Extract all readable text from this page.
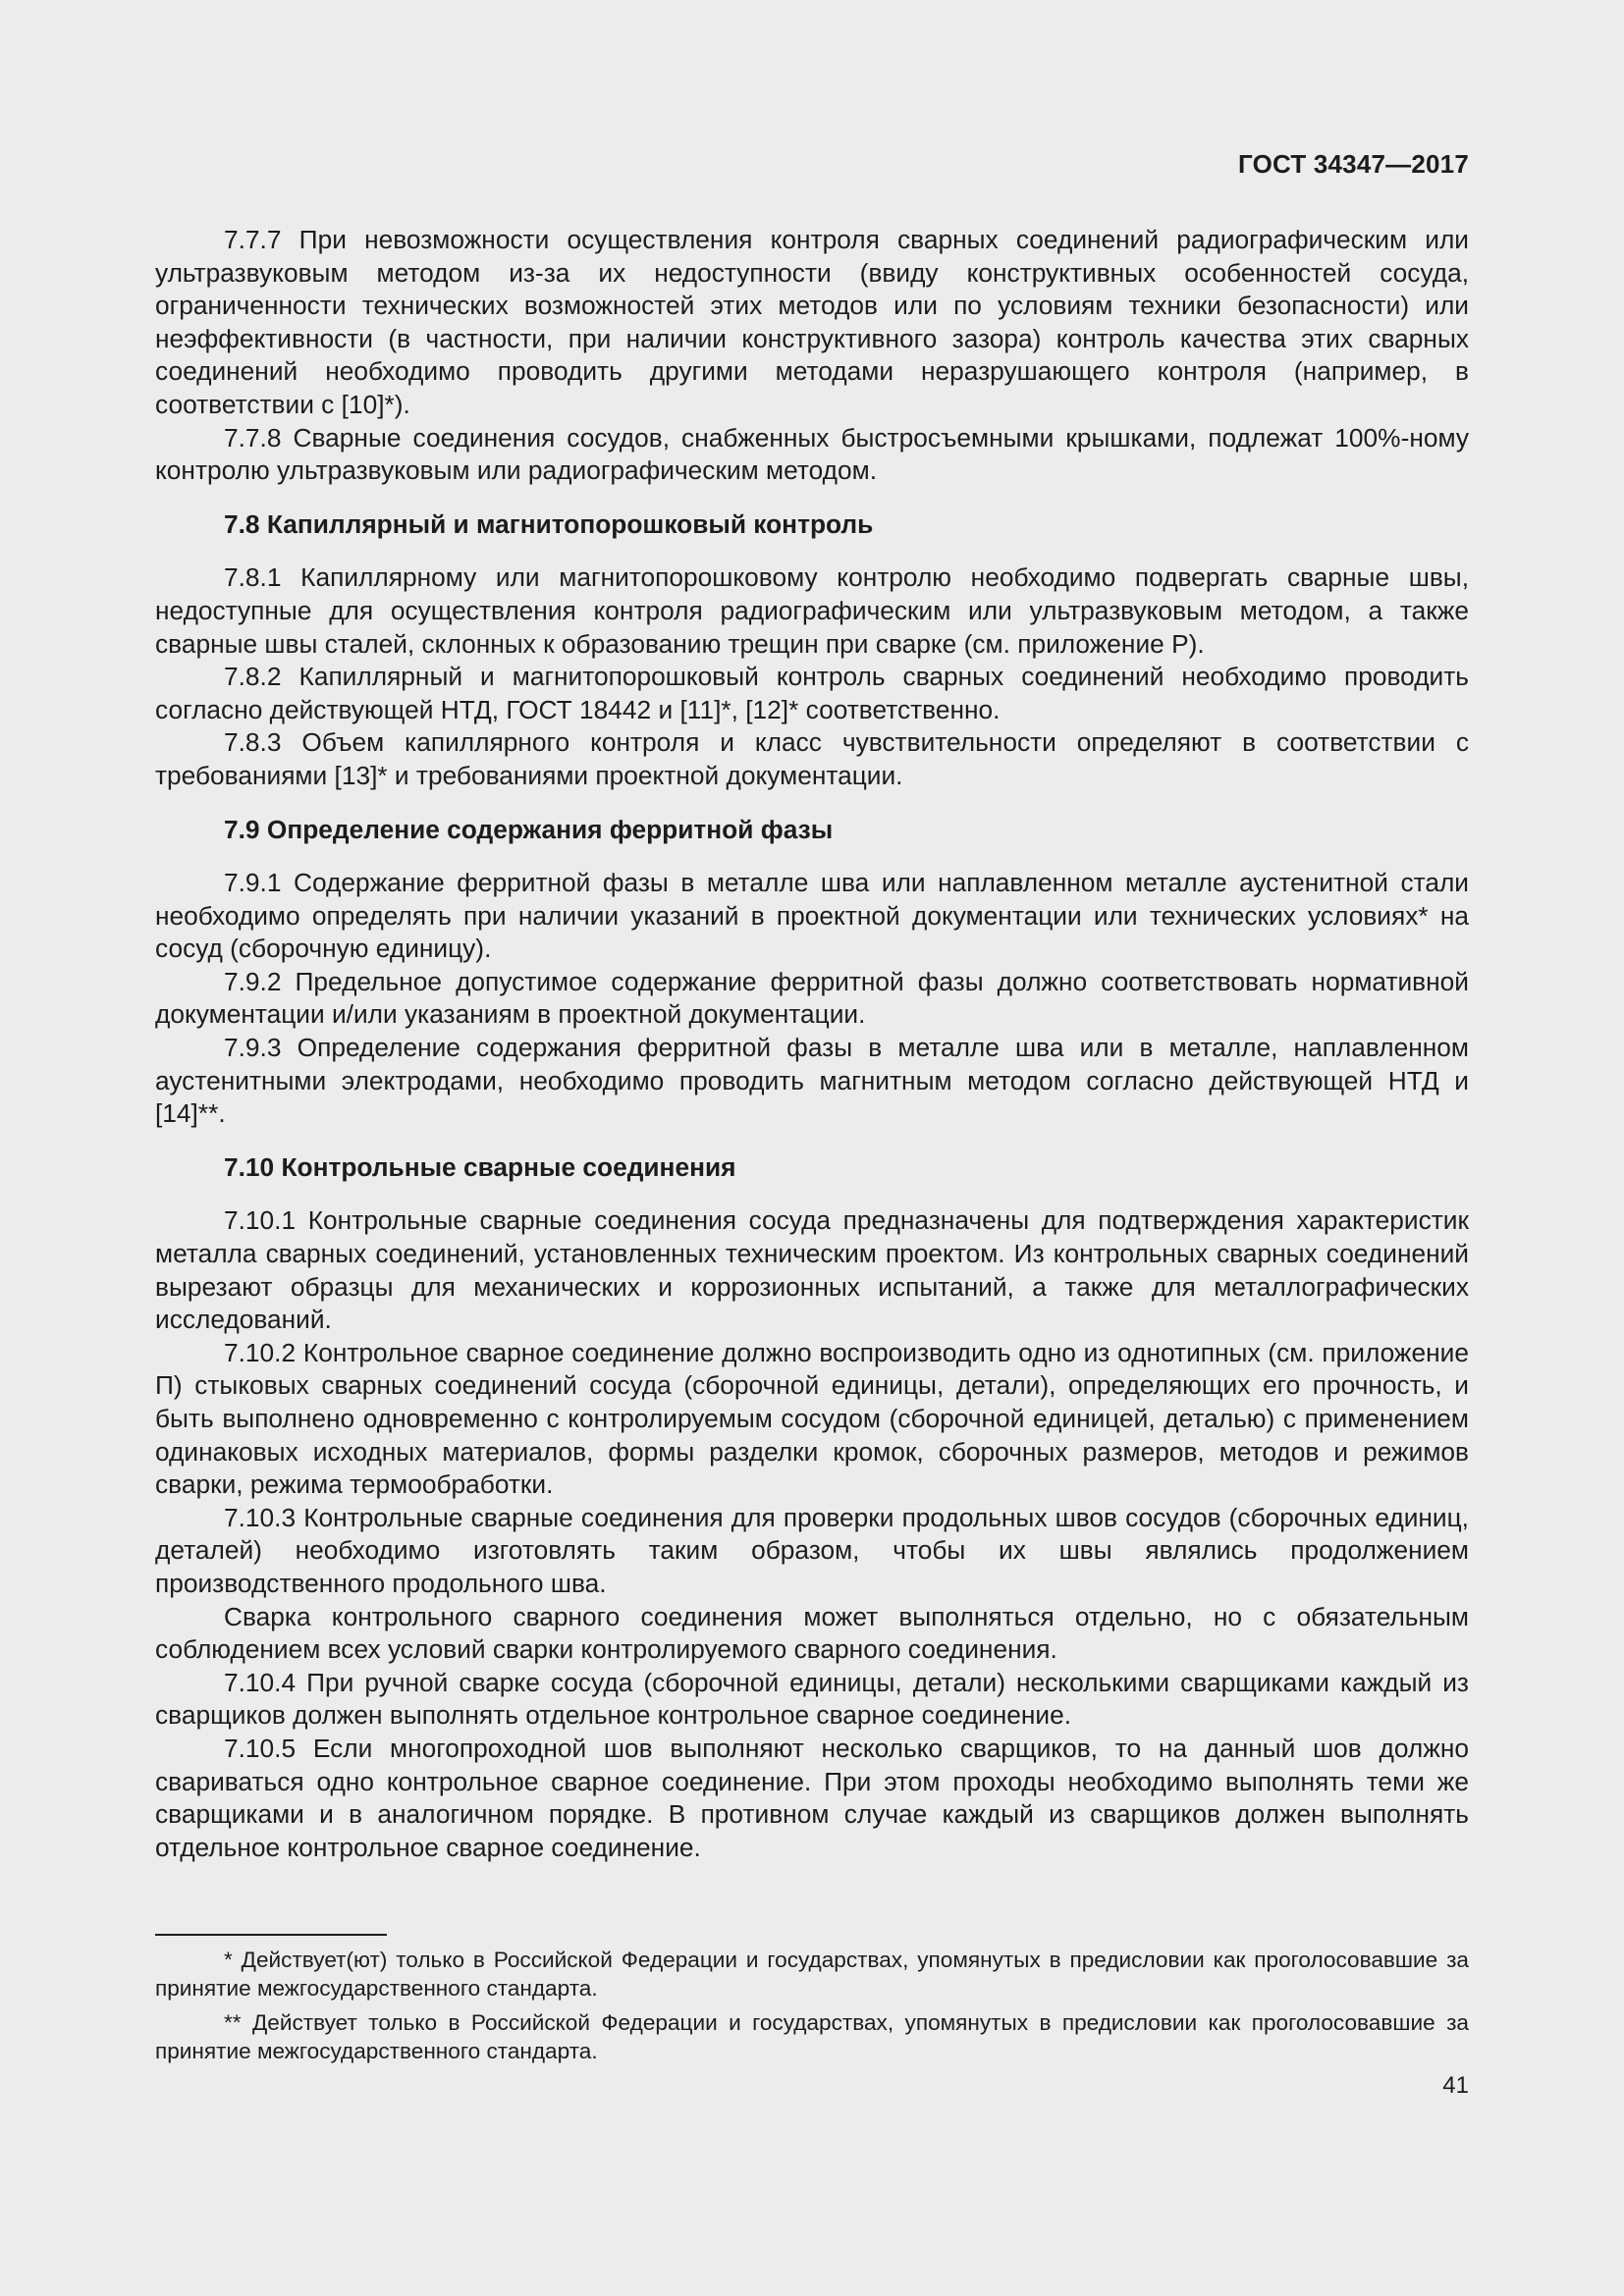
ГОСТ 34347—2017

7.7.7 При невозможности осуществления контроля сварных соединений радиографическим или ультразвуковым методом из-за их недоступности (ввиду конструктивных особенностей сосуда, ограниченности технических возможностей этих методов или по условиям техники безопасности) или неэффективности (в частности, при наличии конструктивного зазора) контроль качества этих сварных соединений необходимо проводить другими методами неразрушающего контроля (например, в соответствии с [10]*).

7.7.8 Сварные соединения сосудов, снабженных быстросъемными крышками, подлежат 100%-ному контролю ультразвуковым или радиографическим методом.

7.8 Капиллярный и магнитопорошковый контроль

7.8.1 Капиллярному или магнитопорошковому контролю необходимо подвергать сварные швы, недоступные для осуществления контроля радиографическим или ультразвуковым методом, а также сварные швы сталей, склонных к образованию трещин при сварке (см. приложение Р).

7.8.2 Капиллярный и магнитопорошковый контроль сварных соединений необходимо проводить согласно действующей НТД, ГОСТ 18442 и [11]*, [12]* соответственно.

7.8.3 Объем капиллярного контроля и класс чувствительности определяют в соответствии с требованиями [13]* и требованиями проектной документации.

7.9 Определение содержания ферритной фазы

7.9.1 Содержание ферритной фазы в металле шва или наплавленном металле аустенитной стали необходимо определять при наличии указаний в проектной документации или технических условиях* на сосуд (сборочную единицу).

7.9.2 Предельное допустимое содержание ферритной фазы должно соответствовать нормативной документации и/или указаниям в проектной документации.

7.9.3 Определение содержания ферритной фазы в металле шва или в металле, наплавленном аустенитными электродами, необходимо проводить магнитным методом согласно действующей НТД и [14]**.

7.10 Контрольные сварные соединения

7.10.1 Контрольные сварные соединения сосуда предназначены для подтверждения характеристик металла сварных соединений, установленных техническим проектом. Из контрольных сварных соединений вырезают образцы для механических и коррозионных испытаний, а также для металлографических исследований.

7.10.2 Контрольное сварное соединение должно воспроизводить одно из однотипных (см. приложение П) стыковых сварных соединений сосуда (сборочной единицы, детали), определяющих его прочность, и быть выполнено одновременно с контролируемым сосудом (сборочной единицей, деталью) с применением одинаковых исходных материалов, формы разделки кромок, сборочных размеров, методов и режимов сварки, режима термообработки.

7.10.3 Контрольные сварные соединения для проверки продольных швов сосудов (сборочных единиц, деталей) необходимо изготовлять таким образом, чтобы их швы являлись продолжением производственного продольного шва.

Сварка контрольного сварного соединения может выполняться отдельно, но с обязательным соблюдением всех условий сварки контролируемого сварного соединения.

7.10.4 При ручной сварке сосуда (сборочной единицы, детали) несколькими сварщиками каждый из сварщиков должен выполнять отдельное контрольное сварное соединение.

7.10.5 Если многопроходной шов выполняют несколько сварщиков, то на данный шов должно свариваться одно контрольное сварное соединение. При этом проходы необходимо выполнять теми же сварщиками и в аналогичном порядке. В противном случае каждый из сварщиков должен выполнять отдельное контрольное сварное соединение.

* Действует(ют) только в Российской Федерации и государствах, упомянутых в предисловии как проголосовавшие за принятие межгосударственного стандарта.

** Действует только в Российской Федерации и государствах, упомянутых в предисловии как проголосовавшие за принятие межгосударственного стандарта.

41
